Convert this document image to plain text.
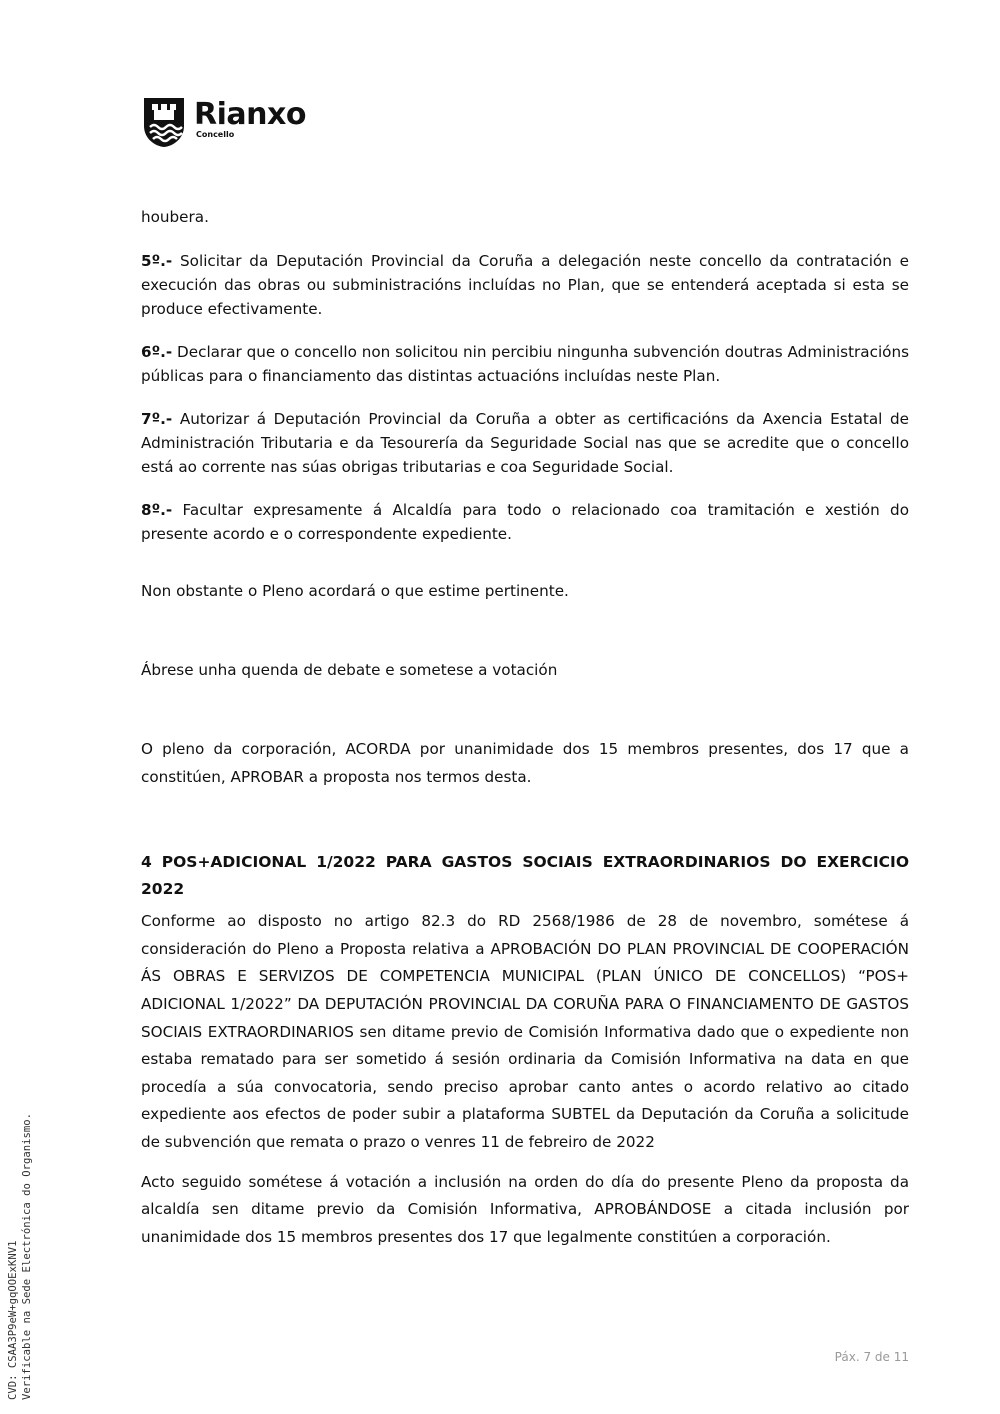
Rianxo
Concello

houbera.

5º.- Solicitar da Deputación Provincial da Coruña a delegación neste concello da contratación e execución das obras ou subministracións incluídas no Plan, que se entenderá aceptada si esta se produce efectivamente.

6º.- Declarar que o concello non solicitou nin percibiu ningunha subvención doutras Administracións públicas para o financiamento das distintas actuacións incluídas neste Plan.

7º.- Autorizar á Deputación Provincial da Coruña a obter as certificacións da Axencia Estatal de Administración Tributaria e da Tesourería da Seguridade Social nas que se acredite que o concello está ao corrente nas súas obrigas tributarias e coa Seguridade Social.

8º.- Facultar expresamente á Alcaldía para todo o relacionado coa tramitación e xestión do presente acordo e o correspondente expediente.

Non obstante o Pleno acordará o que estime pertinente.

Ábrese unha quenda de debate e sometese a votación

O pleno da corporación, ACORDA por unanimidade dos 15 membros presentes, dos 17 que a constitúen, APROBAR a proposta nos termos desta.

4 POS+ADICIONAL 1/2022 PARA GASTOS SOCIAIS EXTRAORDINARIOS DO EXERCICIO 2022

Conforme ao disposto no artigo 82.3 do RD 2568/1986 de 28 de novembro, sométese á consideración do Pleno a Proposta relativa a APROBACIÓN DO PLAN PROVINCIAL DE COOPERACIÓN ÁS OBRAS E SERVIZOS DE COMPETENCIA MUNICIPAL (PLAN ÚNICO DE CONCELLOS) “POS+ ADICIONAL 1/2022” DA DEPUTACIÓN PROVINCIAL DA CORUÑA PARA O FINANCIAMENTO DE GASTOS SOCIAIS EXTRAORDINARIOS sen ditame previo de Comisión Informativa dado que o expediente non estaba rematado para ser sometido á sesión ordinaria da Comisión Informativa na data en que procedía a súa convocatoria, sendo preciso aprobar canto antes o acordo relativo ao citado expediente aos efectos de poder subir a plataforma SUBTEL da Deputación da Coruña a solicitude de subvención que remata o prazo o venres 11 de febreiro de 2022

Acto seguido sométese á votación a inclusión na orden do día do presente Pleno da proposta da alcaldía sen ditame previo da Comisión Informativa, APROBÁNDOSE a citada inclusión por unanimidade dos 15 membros presentes dos 17 que legalmente constitúen a corporación.

CVD: CSAA3P9eW+gqOOExKNV1 Verificable na Sede Electrónica do Organismo.	Páx. 7 de 11
